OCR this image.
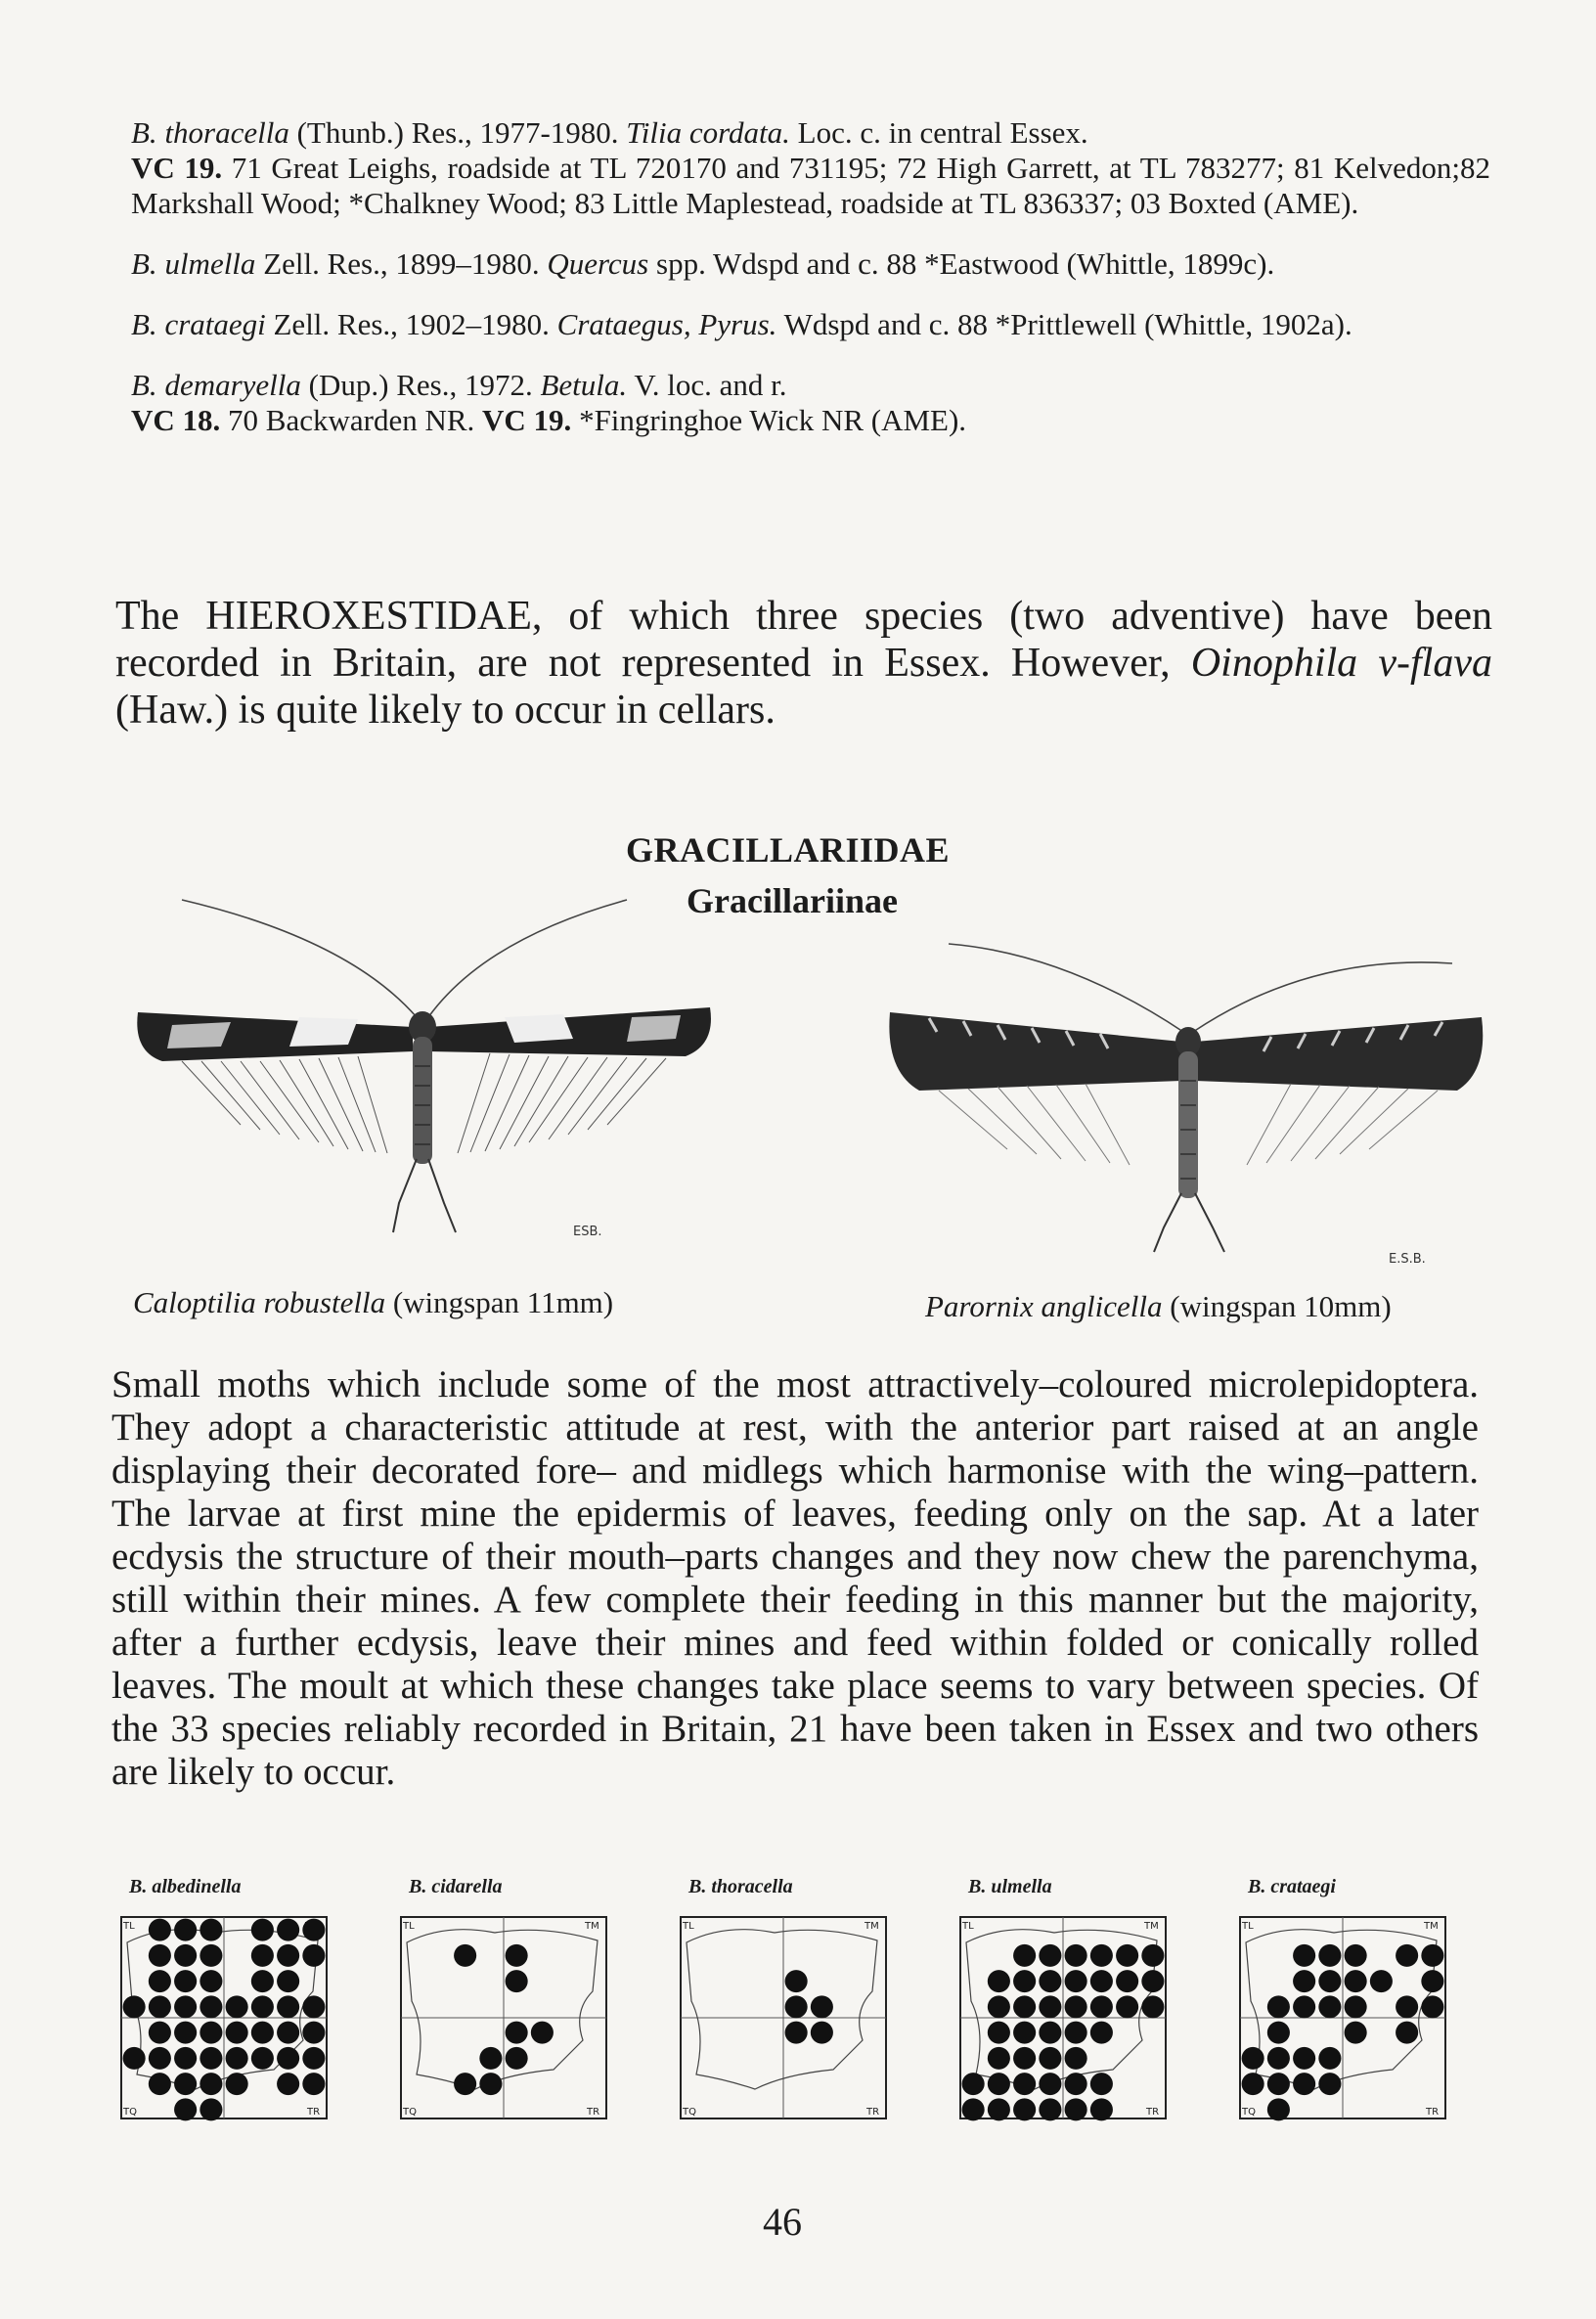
B. thoracella (Thunb.) Res., 1977-1980. Tilia cordata. Loc. c. in central Essex.
VC 19. 71 Great Leighs, roadside at TL 720170 and 731195; 72 High Garrett, at TL 783277; 81 Kelvedon;82 Markshall Wood; *Chalkney Wood; 83 Little Maplestead, roadside at TL 836337; 03 Boxted (AME).

B. ulmella Zell. Res., 1899–1980. Quercus spp. Wdspd and c. 88 *Eastwood (Whittle, 1899c).

B. crataegi Zell. Res., 1902–1980. Crataegus, Pyrus. Wdspd and c. 88 *Prittlewell (Whittle, 1902a).

B. demaryella (Dup.) Res., 1972. Betula. V. loc. and r.
VC 18. 70 Backwarden NR. VC 19. *Fingringhoe Wick NR (AME).

The HIEROXESTIDAE, of which three species (two adventive) have been recorded in Britain, are not represented in Essex. However, Oinophila v-flava (Haw.) is quite likely to occur in cellars.

GRACILLARIIDAE
Gracillariinae
ESB.
E.S.B.
Caloptilia robustella (wingspan 11mm)	Parornix anglicella (wingspan 10mm)

Small moths which include some of the most attractively–coloured microlepidoptera. They adopt a characteristic attitude at rest, with the anterior part raised at an angle displaying their decorated fore– and midlegs which harmonise with the wing–pattern. The larvae at first mine the epidermis of leaves, feeding only on the sap. At a later ecdysis the structure of their mouth–parts changes and they now chew the parenchyma, still within their mines. A few complete their feeding in this manner but the majority, after a further ecdysis, leave their mines and feed within folded or conically rolled leaves. The moult at which these changes take place seems to vary between species. Of the 33 species reliably recorded in Britain, 21 have been taken in Essex and two others are likely to occur.

B. albedinella
TL
TQ	TR
B. cidarella
TL	TM
TQ	TR
B. thoracella
TL	TM
TQ	TR
B. ulmella
TL	TM
TR
B. crataegi
TL	TM
TQ	TR
46
